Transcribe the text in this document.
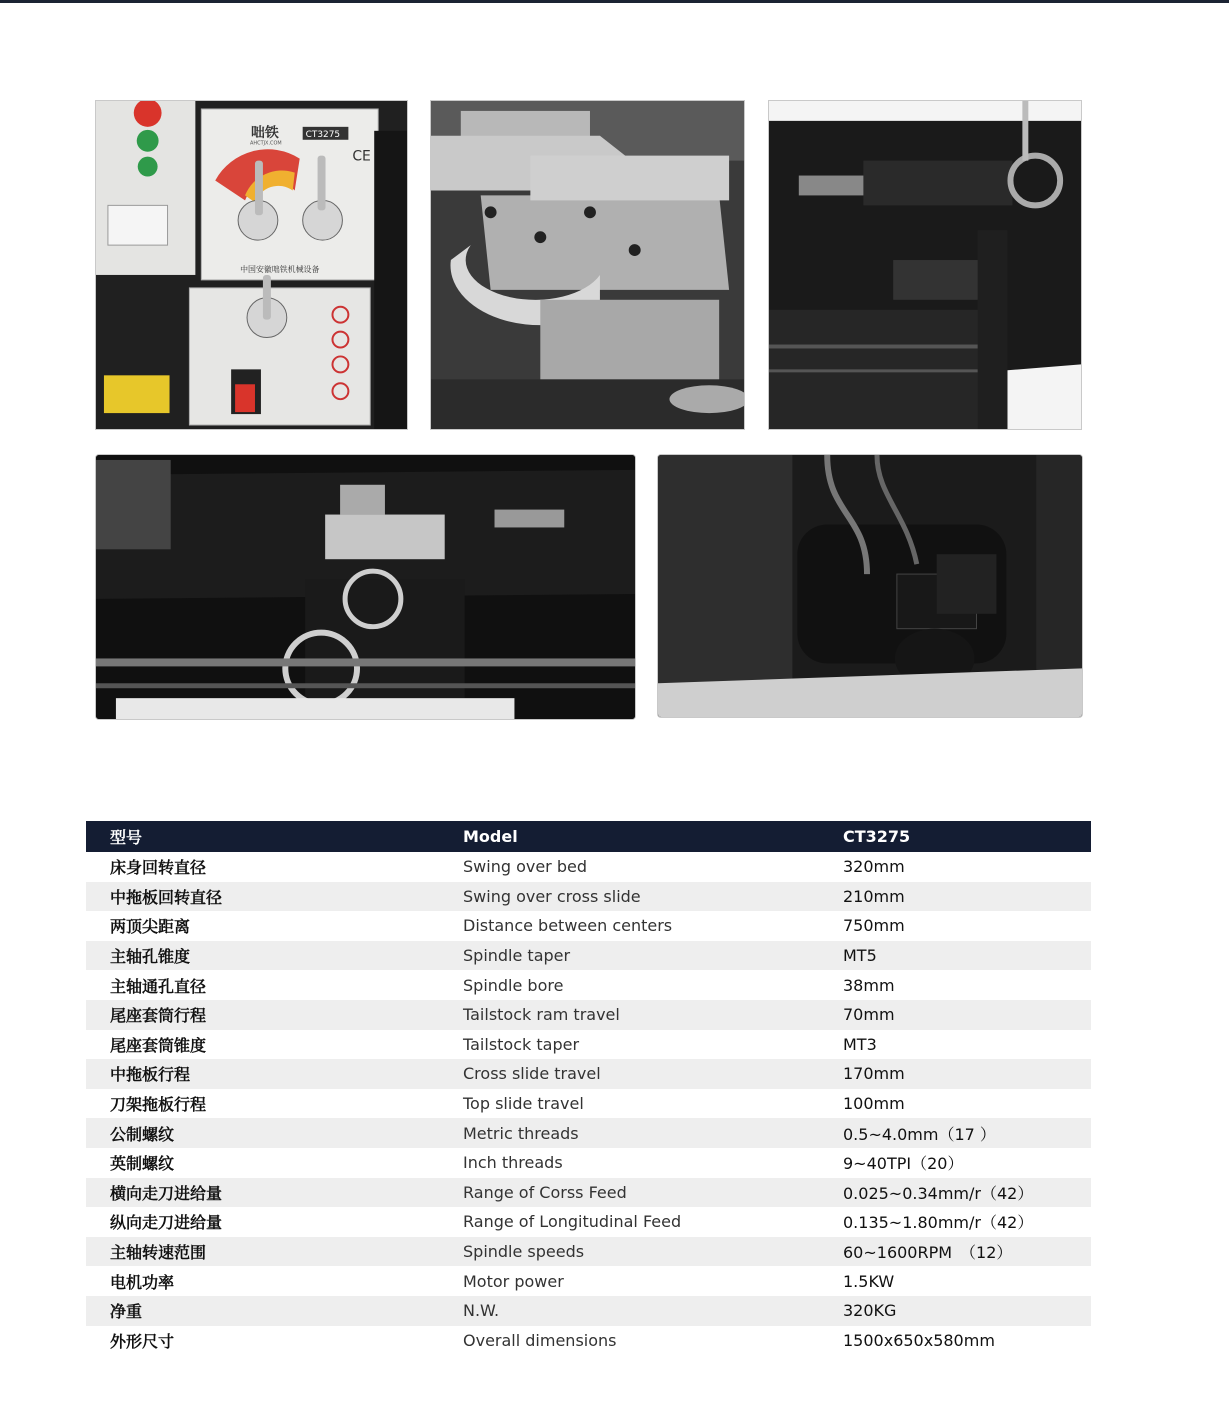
咄铁
AHCTJX.COM
CT3275
CE
中国安徽咄铁机械设备
型号	Model	CT3275
床身回转直径	Swing over bed	320mm
中拖板回转直径	Swing over cross slide	210mm
两顶尖距离	Distance between centers	750mm
主轴孔锥度	Spindle taper	MT5
主轴通孔直径	Spindle bore	38mm
尾座套筒行程	Tailstock ram travel	70mm
尾座套筒锥度	Tailstock taper	MT3
中拖板行程	Cross slide travel	170mm
刀架拖板行程	Top slide travel	100mm
公制螺纹	Metric threads	0.5~4.0mm（17 ）
英制螺纹	Inch threads	9~40TPI（20）
横向走刀进给量	Range of Corss Feed	0.025~0.34mm/r（42）
纵向走刀进给量	Range of Longitudinal Feed	0.135~1.80mm/r（42）
主轴转速范围	Spindle speeds	60~1600RPM　（12）
电机功率	Motor power	1.5KW
净重	N.W.	320KG
外形尺寸	Overall dimensions	1500x650x580mm
